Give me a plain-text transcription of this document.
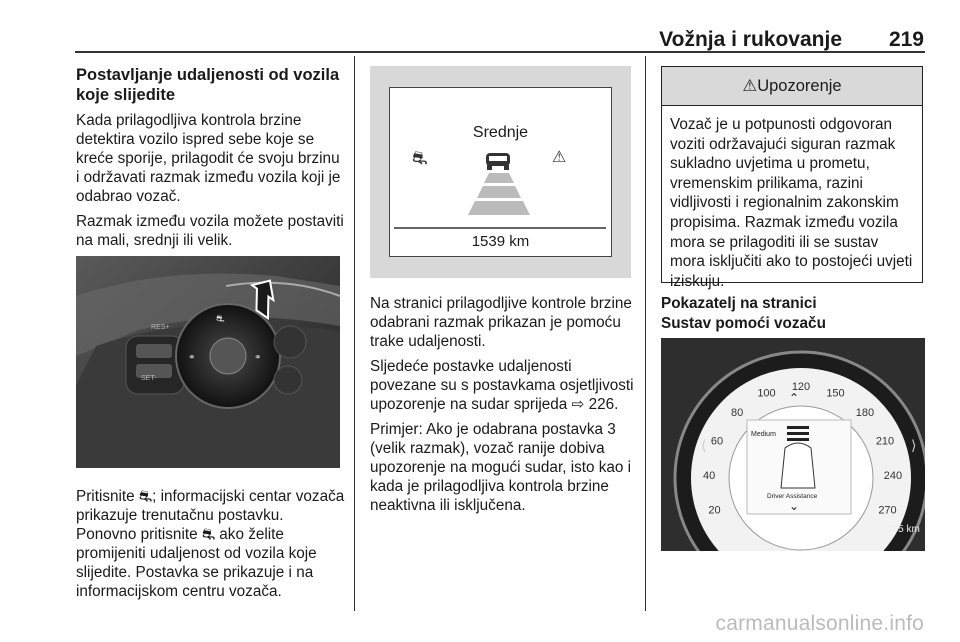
Vožnja i rukovanje 219

Postavljanje udaljenosti od vozila koje slijedite

Kada prilagodljiva kontrola brzine detektira vozilo ispred sebe koje se kreće sporije, prilagodit će svoju brzinu i održavati razmak između vozila koji je odabrao vozač.

Razmak između vozila možete postaviti na mali, srednji ili velik.

RES+
SET-
⛐
⚭	⚭

Pritisnite ⛐; informacijski centar vozača prikazuje trenutačnu postavku. Ponovno pritisnite ⛐ ako želite promijeniti udaljenost od vozila koje slijedite. Postavka se prikazuje i na informacijskom centru vozača.

Srednje
⛐	⚠
1539 km

Na stranici prilagodljive kontrole brzine odabrani razmak prikazan je pomoću trake udaljenosti.

Sljedeće postavke udaljenosti povezane su s postavkama osjetljivosti upozorenje na sudar sprijeda ⇨ 226.

Primjer: Ako je odabrana postavka 3 (velik razmak), vozač ranije dobiva upozorenje na mogući sudar, isto kao i kada je prilagodljiva kontrola brzine neaktivna ili isključena.

⚠Upozorenje
Vozač je u potpunosti odgovoran voziti održavajući siguran razmak sukladno uvjetima u prometu, vremenskim prilikama, razini vidljivosti i regionalnim zakonskim propisima. Razmak između vozila mora se prilagoditi ili se sustav mora isključiti ako to postojeći uvjeti iziskuju.
Pokazatelj na stranici
Sustav pomoći vozaču
20
40
60
80
100
120
150
180
210
240
270
⌃
⌄
Medium
Driver Assistance
235 km
⟩
⟨
carmanualsonline.info
